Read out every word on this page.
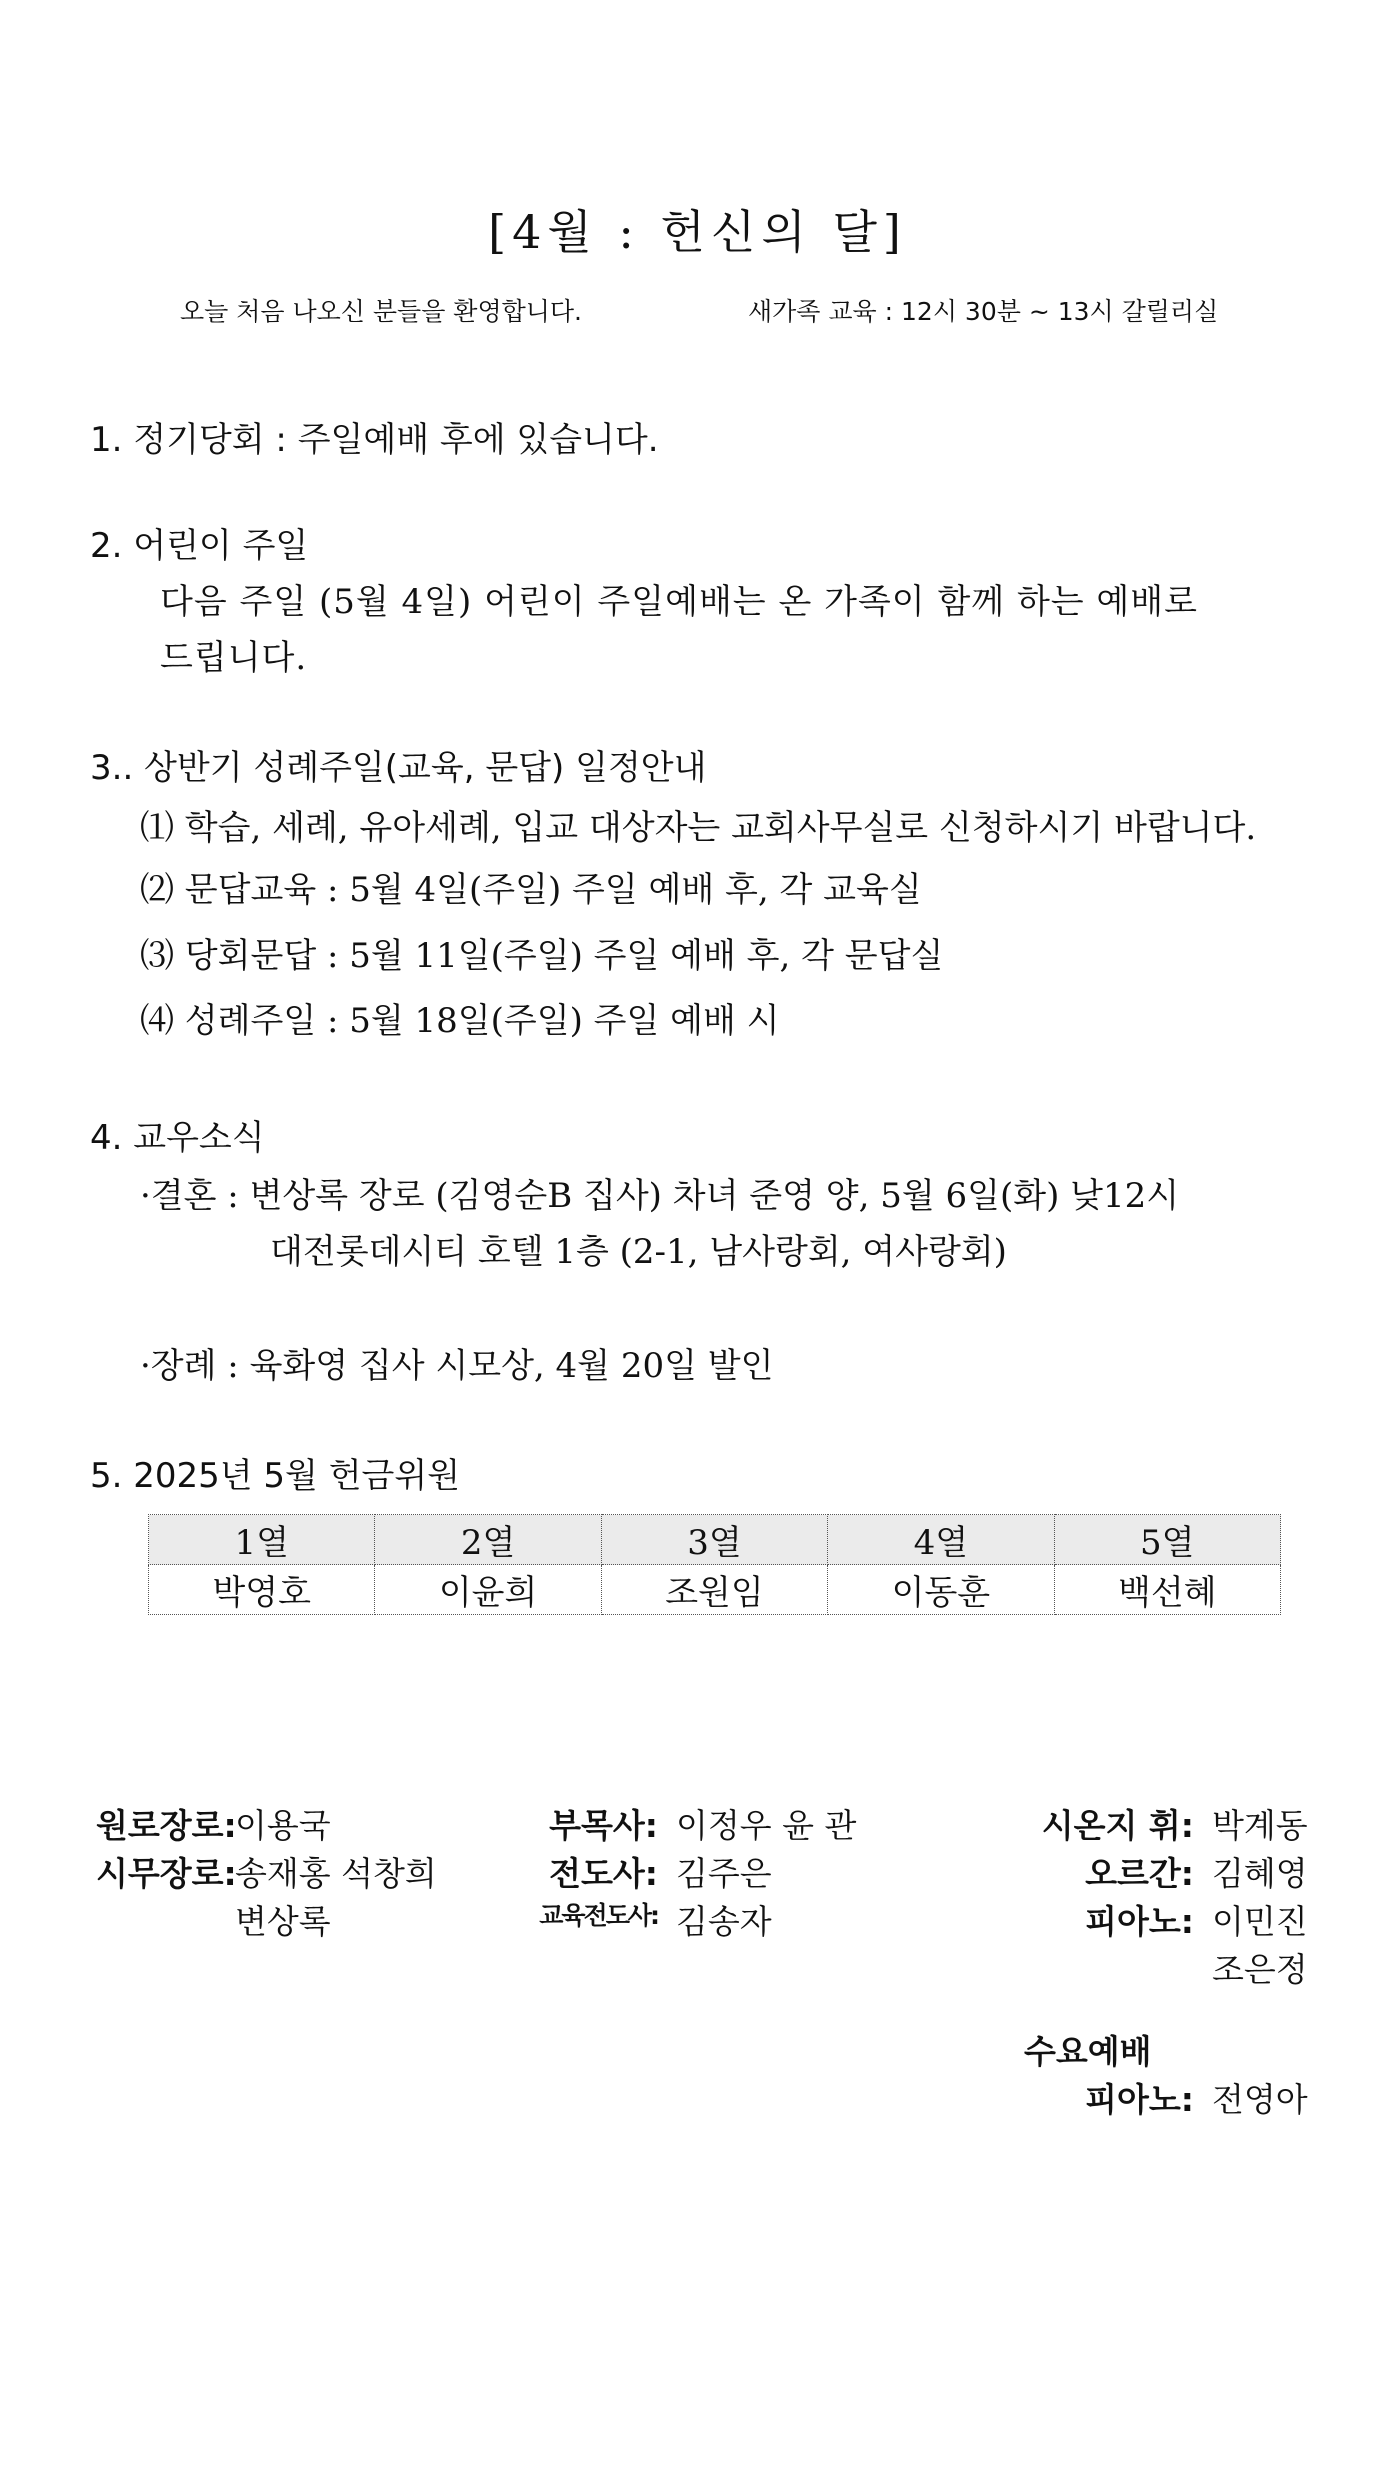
[4월 : 헌신의 달]
오늘 처음 나오신 분들을 환영합니다.	새가족 교육 : 12시 30분 ~ 13시 갈릴리실
1. 정기당회 : 주일예배 후에 있습니다.
2. 어린이 주일
다음 주일 (5월 4일) 어린이 주일예배는 온 가족이 함께 하는 예배로
드립니다.
3.. 상반기 성례주일(교육, 문답) 일정안내
⑴ 학습, 세례, 유아세례, 입교 대상자는 교회사무실로 신청하시기 바랍니다.
⑵ 문답교육 : 5월 4일(주일) 주일 예배 후, 각 교육실
⑶ 당회문답 : 5월 11일(주일) 주일 예배 후, 각 문답실
⑷ 성례주일 : 5월 18일(주일) 주일 예배 시
4. 교우소식
·결혼 : 변상록 장로 (김영순B 집사) 차녀 준영 양, 5월 6일(화) 낮12시
대전롯데시티 호텔 1층 (2-1, 남사랑회, 여사랑회)
·장례 : 육화영 집사 시모상, 4월 20일 발인
5. 2025년 5월 헌금위원
1열	2열	3열	4열	5열
박영호	이윤희	조원임	이동훈	백선혜
원로장로:
이용국
시무장로:
송재홍 석창희
변상록
부목사: 이정우 윤 관
전도사: 김주은
교육전도사: 김송자
시온지 휘: 박계동
오르간: 김혜영
피아노: 이민진
조은정
수요예배
피아노: 전영아
